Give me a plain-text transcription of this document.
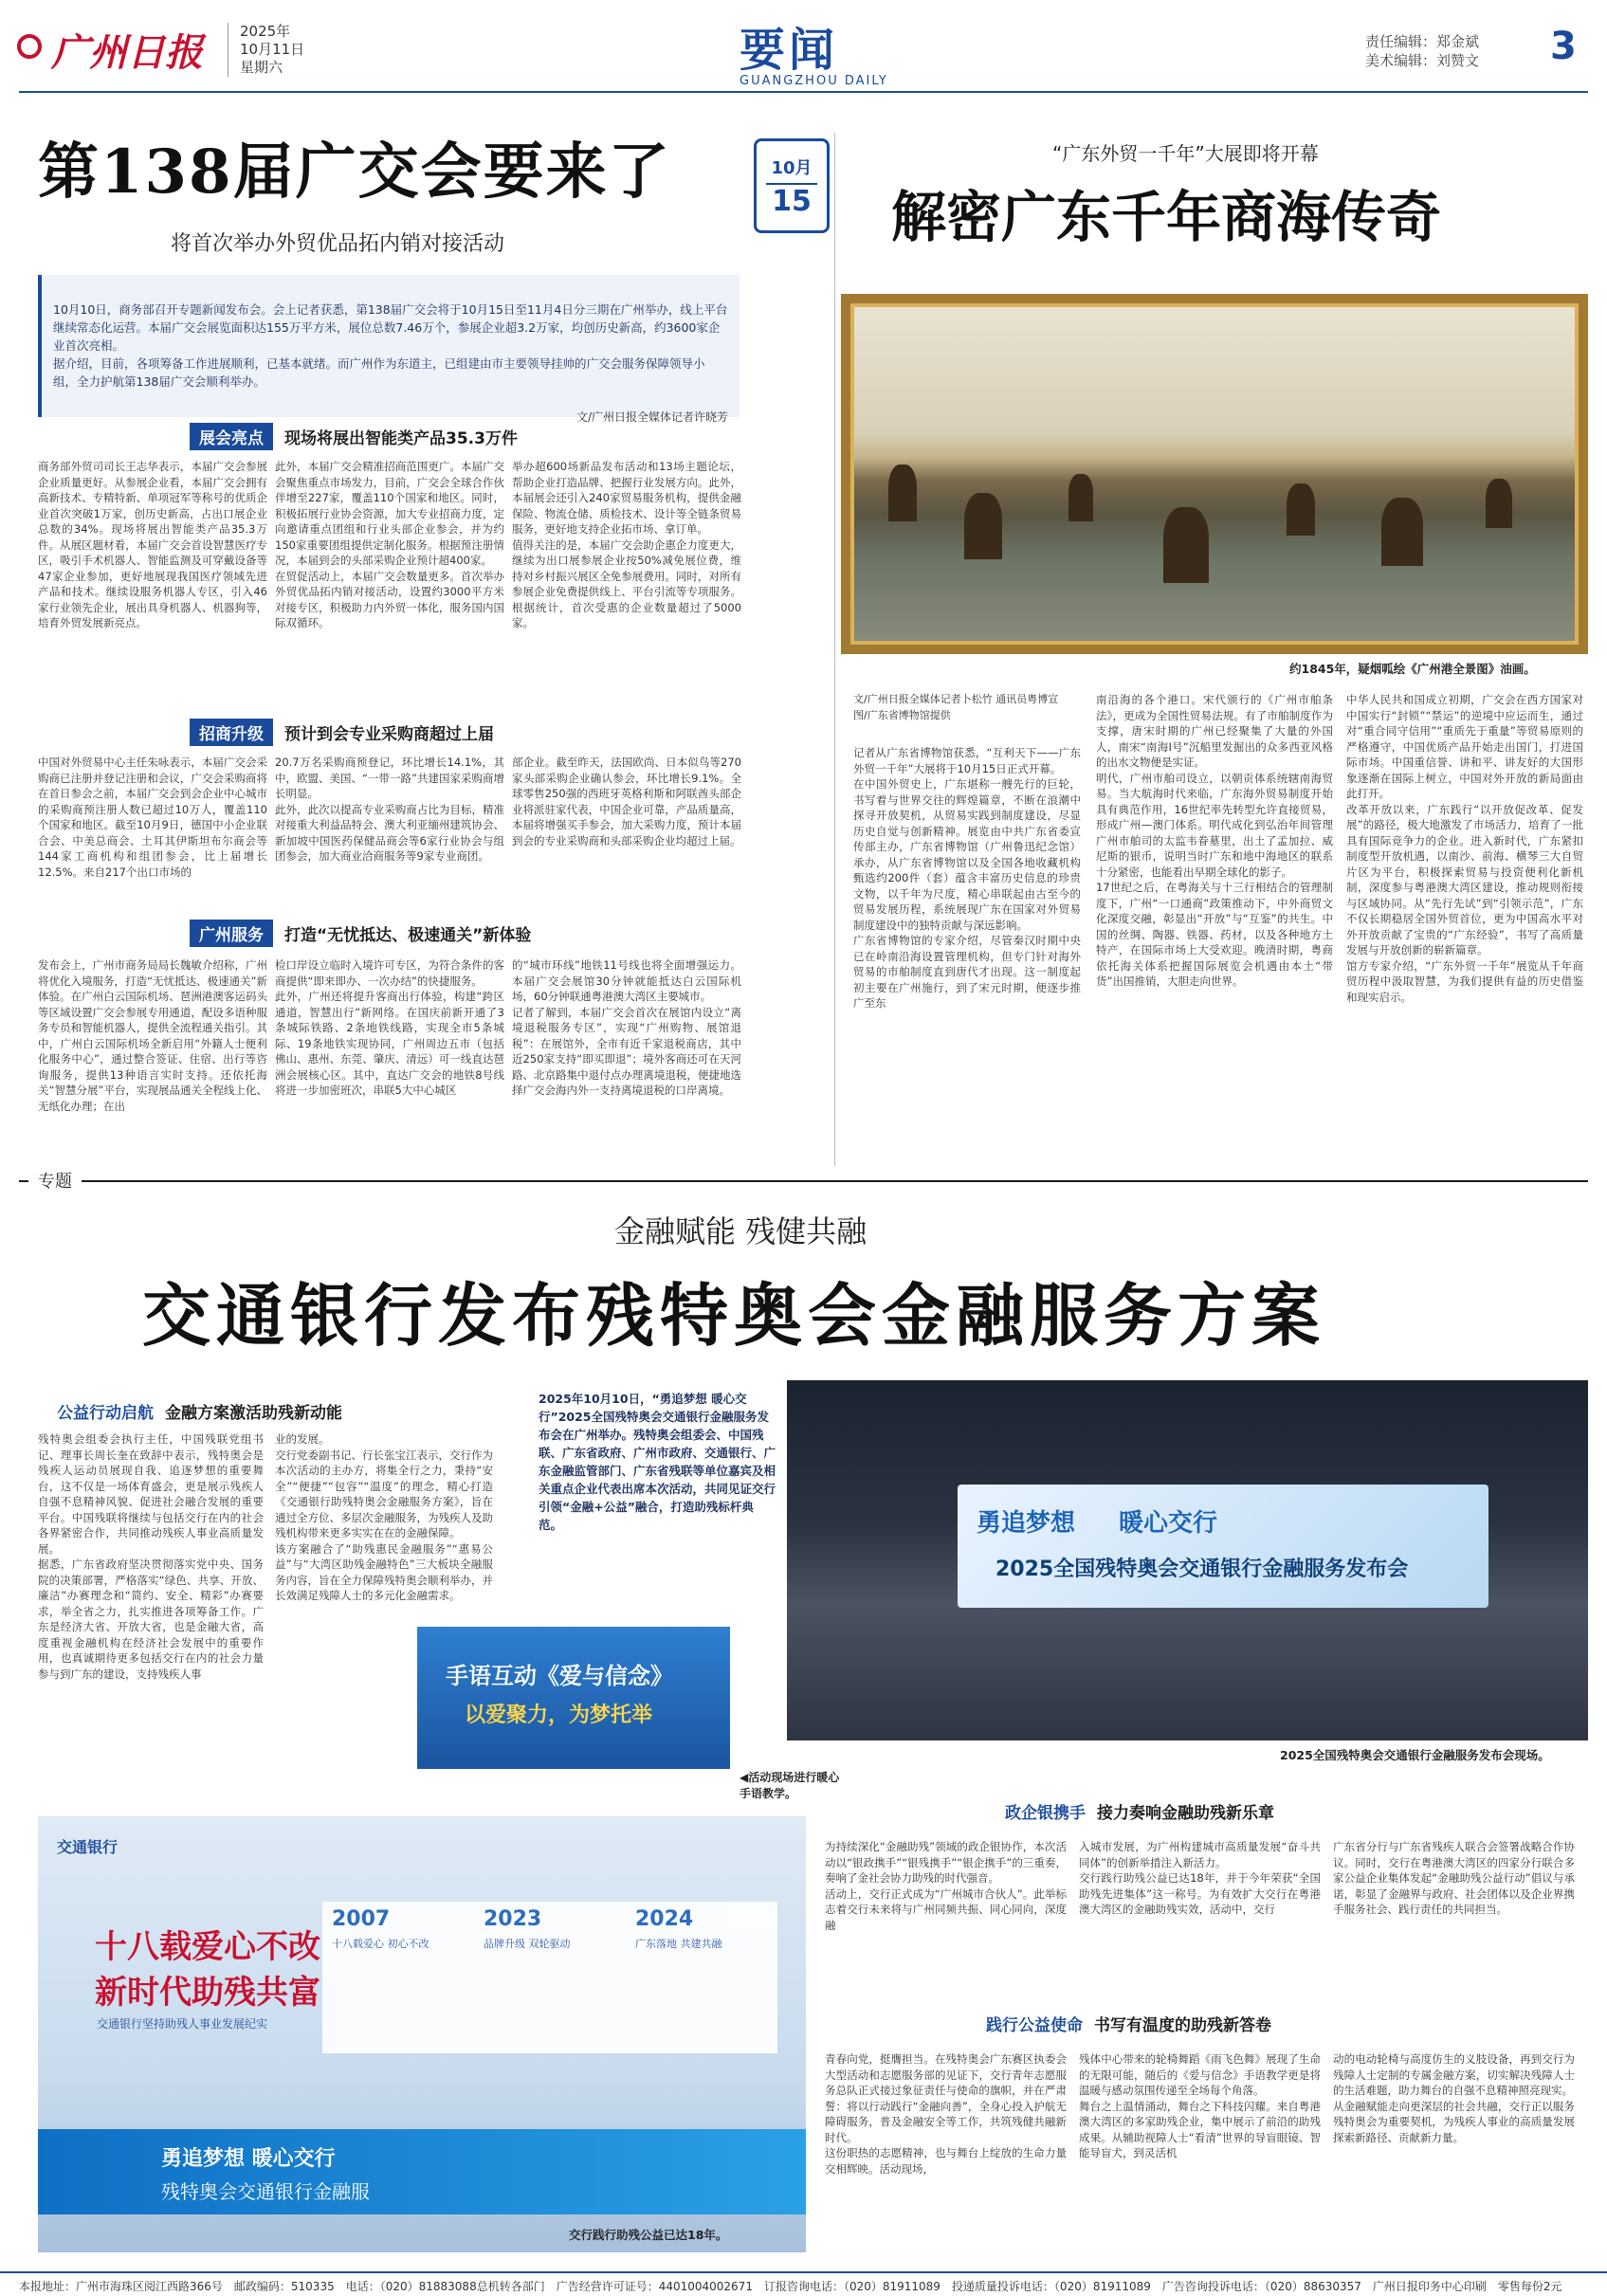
广州日报	2025年
10月11日
星期六	要闻
GUANGZHOU DAILY
责任编辑：郑金斌
美术编辑：刘赞文 3
第138届广交会要来了
将首次举办外贸优品拓内销对接活动

10月10日，商务部召开专题新闻发布会。会上记者获悉，第138届广交会将于10月15日至11月4日分三期在广州举办，线上平台继续常态化运营。本届广交会展览面积达155万平方米，展位总数7.46万个，参展企业超3.2万家，均创历史新高，约3600家企业首次亮相。
据介绍，目前，各项筹备工作进展顺利，已基本就绪。而广州作为东道主，已组建由市主要领导挂帅的广交会服务保障领导小组，全力护航第138届广交会顺利举办。

文/广州日报全媒体记者许晓芳

展会亮点 现场将展出智能类产品35.3万件
商务部外贸司司长王志华表示，本届广交会参展企业质量更好。从参展企业看，本届广交会拥有高新技术、专精特新、单项冠军等称号的优质企业首次突破1万家，创历史新高，占出口展企业总数的34%。现场将展出智能类产品35.3万件。从展区题材看，本届广交会首设智慧医疗专区，吸引手术机器人、智能监测及可穿戴设备等47家企业参加，更好地展现我国医疗领域先进产品和技术。继续设服务机器人专区，引入46家行业领先企业，展出具身机器人、机器狗等，培育外贸发展新亮点。
此外，本届广交会精准招商范围更广。本届广交会聚焦重点市场发力，目前，广交会全球合作伙伴增至227家，覆盖110个国家和地区。同时，积极拓展行业协会资源，加大专业招商力度，定向邀请重点团组和行业头部企业参会，并为约150家重要团组提供定制化服务。根据预注册情况，本届到会的头部采购企业预计超400家。
在贸促活动上，本届广交会数量更多。首次举办外贸优品拓内销对接活动，设置约3000平方米对接专区，积极助力内外贸一体化，服务国内国际双循环。
举办超600场新品发布活动和13场主题论坛，帮助企业打造品牌、把握行业发展方向。此外，本届展会还引入240家贸易服务机构，提供金融保险、物流仓储、质检技术、设计等全链条贸易服务，更好地支持企业拓市场、拿订单。
值得关注的是，本届广交会助企惠企力度更大，继续为出口展参展企业按50%减免展位费，维持对乡村振兴展区全免参展费用。同时，对所有参展企业免费提供线上、平台引流等专项服务。根据统计，首次受惠的企业数量超过了5000家。
招商升级 预计到会专业采购商超过上届
中国对外贸易中心主任朱咏表示，本届广交会采购商已注册并登记注册和会议，广交会采购商将在首日参会之前，本届广交会到会企业中心城市的采购商预注册人数已超过10万人，覆盖110个国家和地区。截至10月9日，德国中小企业联合会、中美总商会、土耳其伊斯坦布尔商会等144家工商机构和组团参会，比上届增长12.5%。来自217个出口市场的
20.7万名采购商预登记，环比增长14.1%，其中，欧盟、美国、“一带一路”共建国家采购商增长明显。
此外，此次以提高专业采购商占比为目标，精准对接重大利益品特会、澳大利亚缅州建筑协会、新加坡中国医药保健品商会等6家行业协会与组团参会，加大商业洽商服务等9家专业商团。
部企业。截至昨天，法国欧尚、日本似鸟等270家头部采购企业确认参会，环比增长9.1%。全球零售250强的西班牙英格利斯和阿联酋头部企业将派驻家代表，中国企业可靠，产品质量高，本届将增强买手参会，加大采购力度，预计本届到会的专业采购商和头部采购企业均超过上届。
广州服务 打造“无忧抵达、极速通关”新体验
发布会上，广州市商务局局长魏敏介绍称，广州将优化入境服务，打造“无忧抵达、极速通关”新体验。在广州白云国际机场、琶洲港澳客运码头等区域设置广交会参展专用通道，配设多语种服务专员和智能机器人，提供全流程通关指引。其中，广州白云国际机场全新启用“外籍人士便利化服务中心”，通过整合签证、住宿、出行等咨询服务，提供13种语言实时支持。还依托海关“智慧分展”平台，实现展品通关全程线上化、无纸化办理；在出
检口岸设立临时入境许可专区，为符合条件的客商提供“即来即办、一次办结”的快捷服务。
此外，广州还将提升客商出行体验，构建“跨区通道，智慧出行”新网络。在国庆前新开通了3条城际铁路、2条地铁线路，实现全市5条城际、19条地铁实现协同，广州周边五市（包括佛山、惠州、东莞、肇庆、清远）可一线直达琶洲会展核心区。其中，直达广交会的地铁8号线将进一步加密班次，串联5大中心城区
的“城市环线”地铁11号线也将全面增强运力。本届广交会展馆30分钟就能抵达白云国际机场，60分钟联通粤港澳大湾区主要城市。
记者了解到，本届广交会首次在展馆内设立“离境退税服务专区”，实现“广州购物、展馆退税”：在展馆外，全市有近千家退税商店，其中近250家支持“即买即退”；境外客商还可在天河路、北京路集中退付点办理离境退税，便捷地选择广交会海内外一支持离境退税的口岸离境。
10月
15
“广东外贸一千年”大展即将开幕
解密广东千年商海传奇
约1845年，疑烟呱绘《广州港全景图》油画。
文/广州日报全媒体记者卜松竹 通讯员粤博宣
图/广东省博物馆提供
记者从广东省博物馆获悉，“互利天下——广东外贸一千年”大展将于10月15日正式开幕。
在中国外贸史上，广东堪称一艘先行的巨轮，书写着与世界交往的辉煌篇章，不断在浪潮中探寻开放契机，从贸易实践到制度建设，尽显历史自觉与创新精神。展览由中共广东省委宣传部主办，广东省博物馆（广州鲁迅纪念馆）承办，从广东省博物馆以及全国各地收藏机构甄选约200件（套）蕴含丰富历史信息的珍贵文物，以千年为尺度，精心串联起由古至今的贸易发展历程，系统展现广东在国家对外贸易制度建设中的独特贡献与深远影响。
广东省博物馆的专家介绍，尽管秦汉时期中央已在岭南沿海设置管理机构，但专门针对海外贸易的市舶制度直到唐代才出现。这一制度起初主要在广州施行，到了宋元时期，便逐步推广至东
南沿海的各个港口。宋代颁行的《广州市舶条法》，更成为全国性贸易法规。有了市舶制度作为支撑，唐宋时期的广州已经聚集了大量的外国人，南宋“南海Ⅰ号”沉船里发掘出的众多西亚风格的出水文物便是实证。
明代，广州市舶司设立，以朝贡体系统辖南海贸易。当大航海时代来临，广东海外贸易制度开始具有典范作用，16世纪率先转型允许直接贸易，形成广州—澳门体系。明代成化到弘治年间管理广州市舶司的太监韦眷墓里，出土了孟加拉、威尼斯的银币，说明当时广东和地中海地区的联系十分紧密，也能看出早期全球化的影子。
17世纪之后，在粤海关与十三行相结合的管理制度下，广州“一口通商”政策推动下，中外商贸文化深度交融，彰显出“开放”与“互鉴”的共生。中国的丝绸、陶器、铁器、药材，以及各种地方土特产，在国际市场上大受欢迎。晚清时期，粤商依托海关体系把握国际展览会机遇由本土“带货”出国推销，大胆走向世界。
中华人民共和国成立初期，广交会在西方国家对中国实行“封锁”“禁运”的逆境中应运而生，通过对“重合同守信用”“重质先于重量”等贸易原则的严格遵守，中国优质产品开始走出国门，打进国际市场。中国重信誉、讲和平、讲友好的大国形象逐渐在国际上树立，中国对外开放的新局面由此打开。
改革开放以来，广东践行“以开放促改革、促发展”的路径，极大地激发了市场活力，培育了一批具有国际竞争力的企业。进入新时代，广东紧扣制度型开放机遇，以南沙、前海、横琴三大自贸片区为平台，积极探索贸易与投资便利化新机制，深度参与粤港澳大湾区建设，推动规则衔接与区域协同。从“先行先试”到“引领示范”，广东不仅长期稳居全国外贸首位，更为中国高水平对外开放贡献了宝贵的“广东经验”，书写了高质量发展与开放创新的崭新篇章。
馆方专家介绍，“广东外贸一千年”展览从千年商贸历程中汲取智慧，为我们提供有益的历史借鉴和现实启示。
专题
金融赋能 残健共融
交通银行发布残特奥会金融服务方案
公益行动启航 金融方案激活助残新动能
残特奥会组委会执行主任，中国残联党组书记、理事长周长奎在致辞中表示，残特奥会是残疾人运动员展现自我、追逐梦想的重要舞台，这不仅是一场体育盛会，更是展示残疾人自强不息精神风貌、促进社会融合发展的重要平台。中国残联将继续与包括交行在内的社会各界紧密合作，共同推动残疾人事业高质量发展。
据悉，广东省政府坚决贯彻落实党中央、国务院的决策部署，严格落实“绿色、共享、开放、廉洁”办赛理念和“简约、安全、精彩”办赛要求，举全省之力，扎实推进各项筹备工作。广东是经济大省、开放大省，也是金融大省，高度重视金融机构在经济社会发展中的重要作用，也真诚期待更多包括交行在内的社会力量参与到广东的建设，支持残疾人事
业的发展。
交行党委副书记、行长张宝江表示，交行作为本次活动的主办方，将集全行之力，秉持“安全”“便捷”“包容”“温度”的理念，精心打造《交通银行助残特奥会金融服务方案》，旨在通过全方位、多层次金融服务，为残疾人及助残机构带来更多实实在在的金融保障。
该方案融合了“助残惠民金融服务”“惠易公益”与“大湾区助残金融特色”三大板块全融服务内容，旨在全力保障残特奥会顺利举办，并长效满足残障人士的多元化金融需求。
2025年10月10日，“勇追梦想 暖心交行”2025全国残特奥会交通银行金融服务发布会在广州举办。残特奥会组委会、中国残联、广东省政府、广州市政府、交通银行、广东金融监管部门、广东省残联等单位嘉宾及相关重点企业代表出席本次活动，共同见证交行引领“金融+公益”融合，打造助残标杆典范。
手语互动《爱与信念》
以爱聚力，为梦托举
◀活动现场进行暖心手语教学。
勇追梦想 暖心交行
2025全国残特奥会交通银行金融服务发布会
2025全国残特奥会交通银行金融服务发布会现场。
政企银携手 接力奏响金融助残新乐章
为持续深化“金融助残”领域的政企银协作，本次活动以“银政携手”“银残携手”“银企携手”的三重奏，奏响了金社会协力助残的时代强音。
活动上，交行正式成为“广州城市合伙人”。此举标志着交行未来将与广州同频共振、同心同向，深度融
入城市发展，为广州构建城市高质量发展“奋斗共同体”的创新举措注入新活力。
交行践行助残公益已达18年，并于今年荣获“全国助残先进集体”这一称号。为有效扩大交行在粤港澳大湾区的金融助残实效，活动中，交行
广东省分行与广东省残疾人联合会签署战略合作协议。同时，交行在粤港澳大湾区的四家分行联合多家公益企业集体发起“金融助残公益行动”倡议与承诺，彰显了金融界与政府、社会团体以及企业界携手服务社会、践行责任的共同担当。
践行公益使命 书写有温度的助残新答卷
青春向党，挺膺担当。在残特奥会广东赛区执委会大型活动和志愿服务部的见证下，交行青年志愿服务总队正式接过象征责任与使命的旗帜，并在严肃誓：将以行动践行“金融向善”，全身心投入护航无障碍服务，普及金融安全等工作，共筑残健共融新时代。
这份职热的志愿精神，也与舞台上绽放的生命力量交相辉映。活动现场，
残体中心带来的轮椅舞蹈《雨飞色舞》展现了生命的无限可能，随后的《爱与信念》手语教学更是将温暖与感动氛围传递至全场每个角落。
舞台之上温情涌动，舞台之下科技闪耀。来自粤港澳大湾区的多家助残企业，集中展示了前沿的助残成果。从辅助视障人士“看清”世界的导盲眼镜、智能导盲犬，到灵活机
动的电动轮椅与高度仿生的义肢设备，再到交行为残障人士定制的专属金融方案，切实解决残障人士的生活难题，助力舞台的自强不息精神照亮现实。
从金融赋能走向更深层的社会共融，交行正以服务残特奥会为重要契机，为残疾人事业的高质量发展探索新路径、贡献新力量。
交通银行
十八载爱心不改
新时代助残共富
交通银行坚持助残人事业发展纪实
2007
十八载爱心 初心不改
2023
品牌升级 双轮驱动
2024
广东落地 共建共融
勇追梦想 暖心交行
残特奥会交通银行金融服
交行践行助残公益已达18年。
本报地址：广州市海珠区阅江西路366号　邮政编码：510335　电话：（020）81883088总机转各部门　广告经营许可证号：4401004002671　订报咨询电话：（020）81911089　投递质量投诉电话：（020）81911089　广告咨询投诉电话：（020）88630357　广州日报印务中心印刷　零售每份2元
